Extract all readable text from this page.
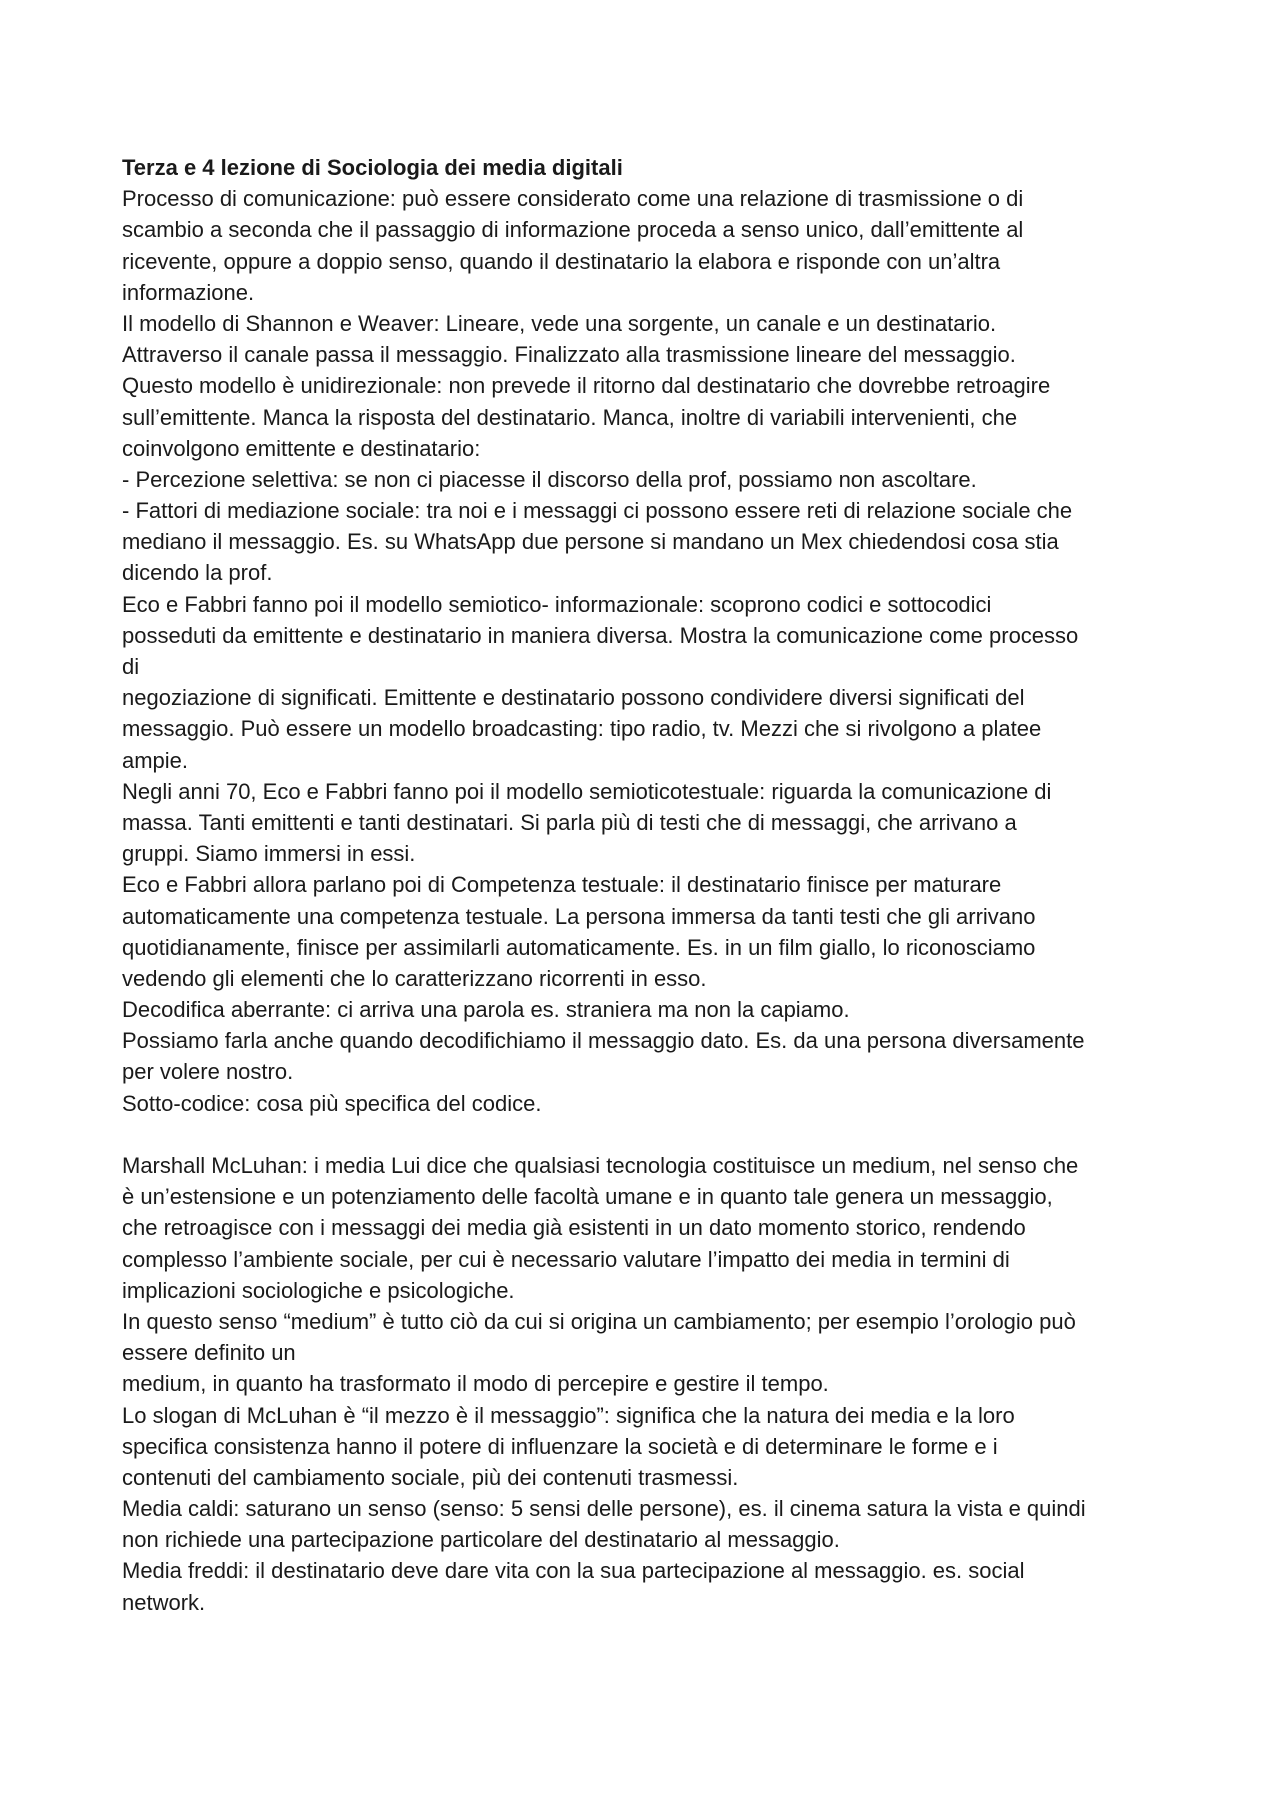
Terza e 4 lezione di Sociologia dei media digitali
Processo di comunicazione: può essere considerato come una relazione di trasmissione o di
scambio a seconda che il passaggio di informazione proceda a senso unico, dall’emittente al
ricevente, oppure a doppio senso, quando il destinatario la elabora e risponde con un’altra
informazione.
Il modello di Shannon e Weaver: Lineare, vede una sorgente, un canale e un destinatario.
Attraverso il canale passa il messaggio. Finalizzato alla trasmissione lineare del messaggio.
Questo modello è unidirezionale: non prevede il ritorno dal destinatario che dovrebbe retroagire
sull’emittente. Manca la risposta del destinatario. Manca, inoltre di variabili intervenienti, che
coinvolgono emittente e destinatario:
- Percezione selettiva: se non ci piacesse il discorso della prof, possiamo non ascoltare.
- Fattori di mediazione sociale: tra noi e i messaggi ci possono essere reti di relazione sociale che
mediano il messaggio. Es. su WhatsApp due persone si mandano un Mex chiedendosi cosa stia
dicendo la prof.
Eco e Fabbri fanno poi il modello semiotico- informazionale: scoprono codici e sottocodici
posseduti da emittente e destinatario in maniera diversa. Mostra la comunicazione come processo
di
negoziazione di significati. Emittente e destinatario possono condividere diversi significati del
messaggio. Può essere un modello broadcasting: tipo radio, tv. Mezzi che si rivolgono a platee
ampie.
Negli anni 70, Eco e Fabbri fanno poi il modello semioticotestuale: riguarda la comunicazione di
massa. Tanti emittenti e tanti destinatari. Si parla più di testi che di messaggi, che arrivano a
gruppi. Siamo immersi in essi.
Eco e Fabbri allora parlano poi di Competenza testuale: il destinatario finisce per maturare
automaticamente una competenza testuale. La persona immersa da tanti testi che gli arrivano
quotidianamente, finisce per assimilarli automaticamente. Es. in un film giallo, lo riconosciamo
vedendo gli elementi che lo caratterizzano ricorrenti in esso.
Decodifica aberrante: ci arriva una parola es. straniera ma non la capiamo.
Possiamo farla anche quando decodifichiamo il messaggio dato. Es. da una persona diversamente
per volere nostro.
Sotto-codice: cosa più specifica del codice.
Marshall McLuhan: i media Lui dice che qualsiasi tecnologia costituisce un medium, nel senso che
è un’estensione e un potenziamento delle facoltà umane e in quanto tale genera un messaggio,
che retroagisce con i messaggi dei media già esistenti in un dato momento storico, rendendo
complesso l’ambiente sociale, per cui è necessario valutare l’impatto dei media in termini di
implicazioni sociologiche e psicologiche.
In questo senso “medium” è tutto ciò da cui si origina un cambiamento; per esempio l’orologio può
essere definito un
medium, in quanto ha trasformato il modo di percepire e gestire il tempo.
Lo slogan di McLuhan è “il mezzo è il messaggio”: significa che la natura dei media e la loro
specifica consistenza hanno il potere di influenzare la società e di determinare le forme e i
contenuti del cambiamento sociale, più dei contenuti trasmessi.
Media caldi: saturano un senso (senso: 5 sensi delle persone), es. il cinema satura la vista e quindi
non richiede una partecipazione particolare del destinatario al messaggio.
Media freddi: il destinatario deve dare vita con la sua partecipazione al messaggio. es. social
network.
